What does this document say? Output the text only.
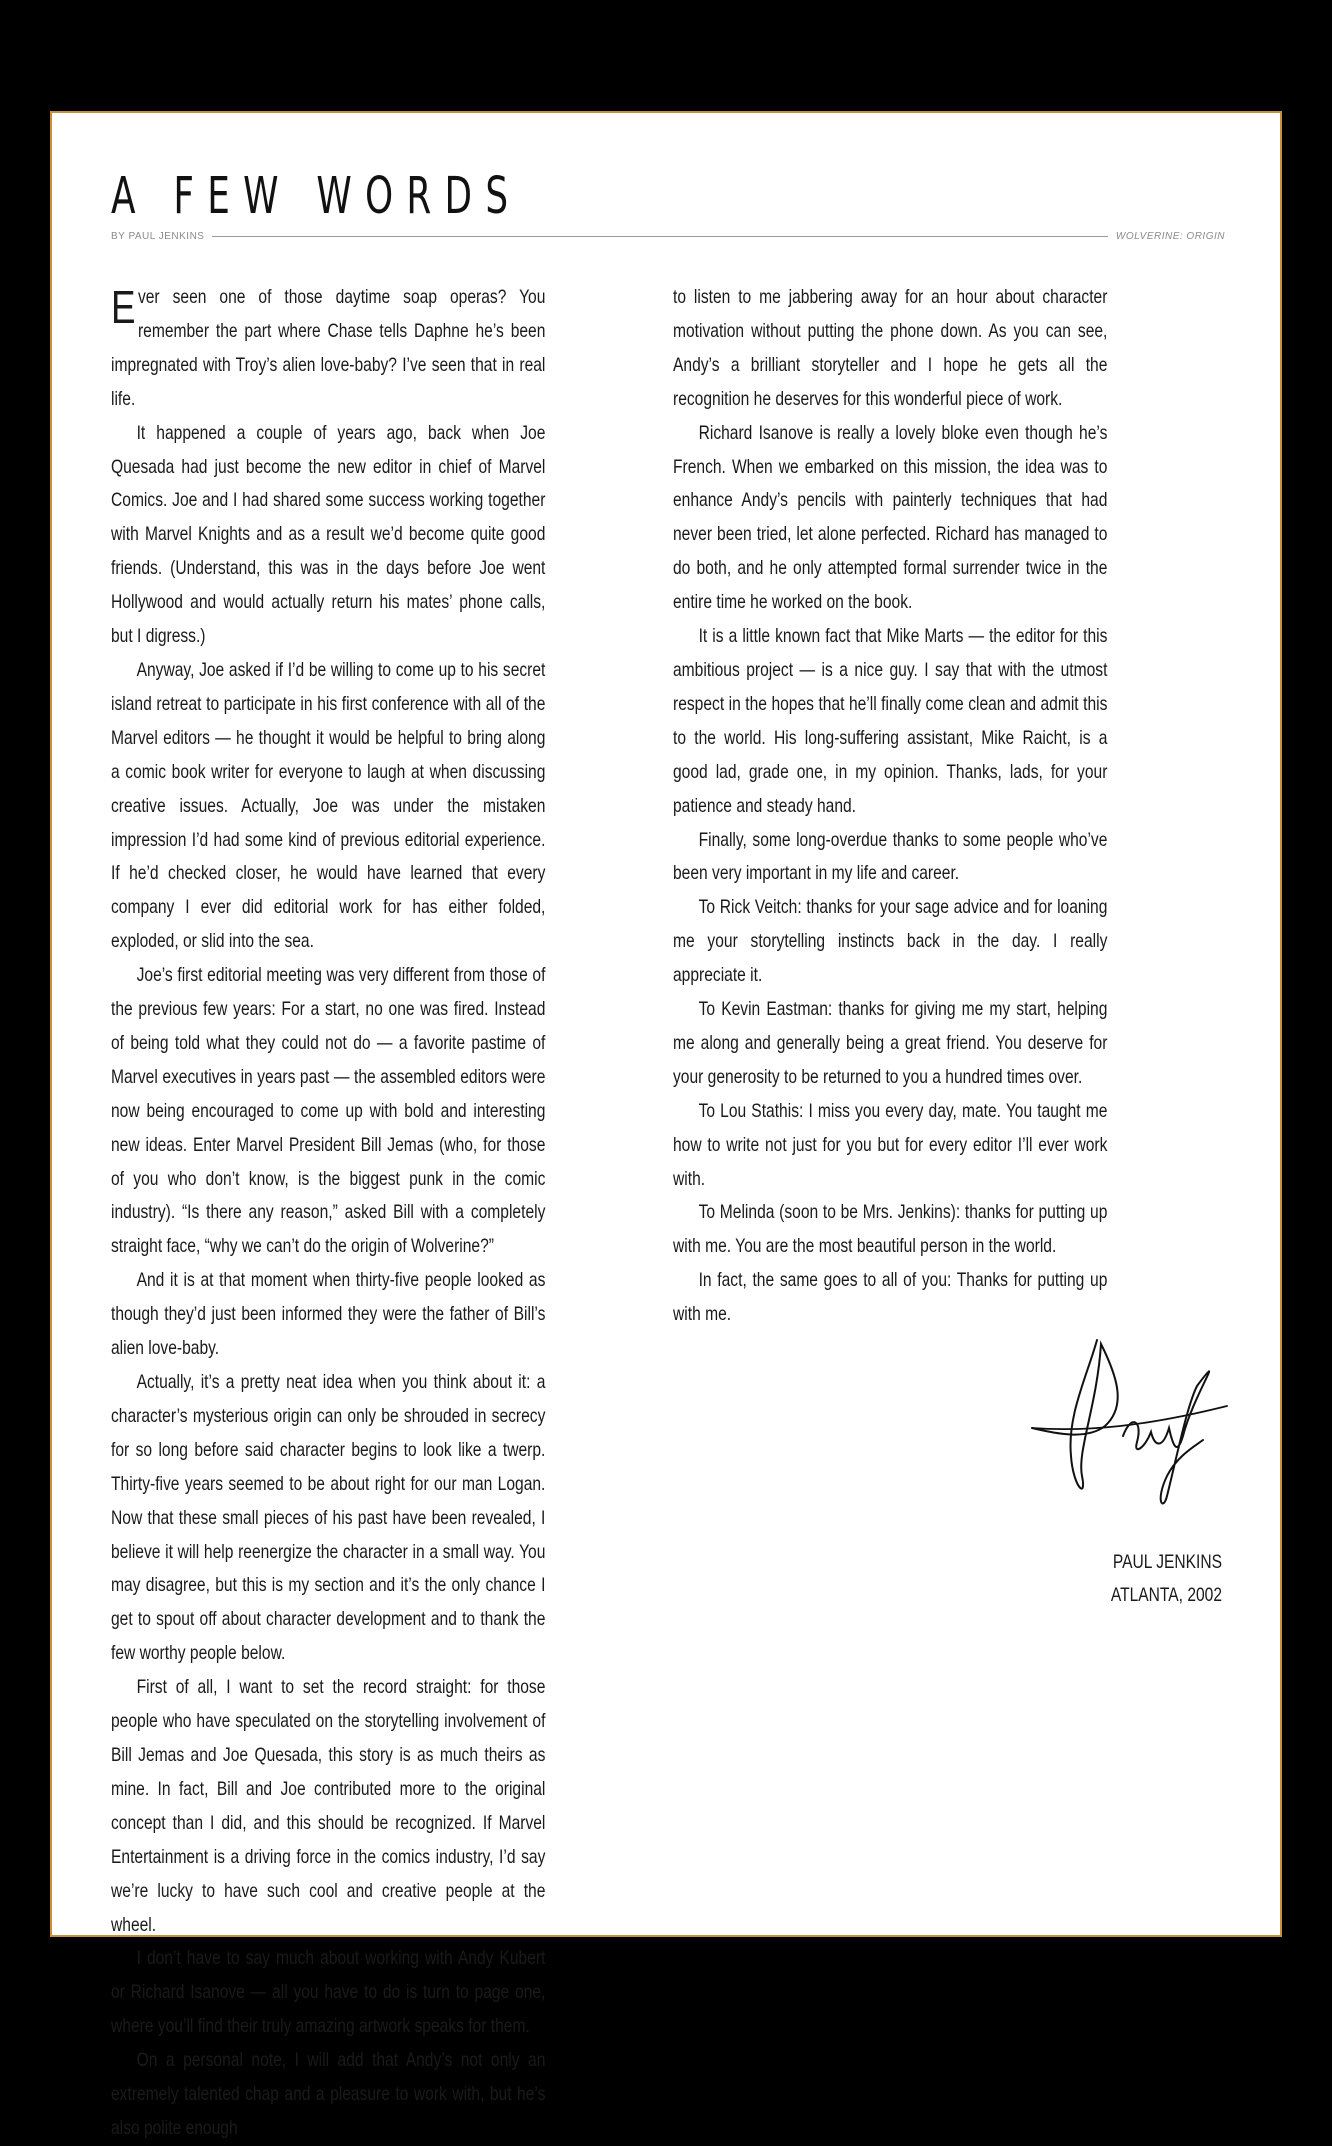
A FEW WORDS
BY PAUL JENKINS	WOLVERINE: ORIGIN

Ever seen one of those daytime soap operas? You remember the part where Chase tells Daphne he’s been impregnated with Troy’s alien love-baby? I’ve seen that in real life.

It happened a couple of years ago, back when Joe Quesada had just become the new editor in chief of Marvel Comics. Joe and I had shared some success working together with Marvel Knights and as a result we’d become quite good friends. (Understand, this was in the days before Joe went Hollywood and would actually return his mates’ phone calls, but I digress.)

Anyway, Joe asked if I’d be willing to come up to his secret island retreat to participate in his first conference with all of the Marvel editors — he thought it would be helpful to bring along a comic book writer for everyone to laugh at when discussing creative issues. Actually, Joe was under the mistaken impression I’d had some kind of previous editorial experience. If he’d checked closer, he would have learned that every company I ever did editorial work for has either folded, exploded, or slid into the sea.

Joe’s first editorial meeting was very different from those of the previous few years: For a start, no one was fired. Instead of being told what they could not do — a favorite pastime of Marvel executives in years past — the assembled editors were now being encouraged to come up with bold and interesting new ideas. Enter Marvel President Bill Jemas (who, for those of you who don’t know, is the biggest punk in the comic industry). “Is there any reason,” asked Bill with a completely straight face, “why we can’t do the origin of Wolverine?”

And it is at that moment when thirty-five people looked as though they’d just been informed they were the father of Bill’s alien love-baby.

Actually, it’s a pretty neat idea when you think about it: a character’s mysterious origin can only be shrouded in secrecy for so long before said character begins to look like a twerp. Thirty-five years seemed to be about right for our man Logan. Now that these small pieces of his past have been revealed, I believe it will help reenergize the character in a small way. You may disagree, but this is my section and it’s the only chance I get to spout off about character development and to thank the few worthy people below.

First of all, I want to set the record straight: for those people who have speculated on the storytelling involvement of Bill Jemas and Joe Quesada, this story is as much theirs as mine. In fact, Bill and Joe contributed more to the original concept than I did, and this should be recognized. If Marvel Entertainment is a driving force in the comics industry, I’d say we’re lucky to have such cool and creative people at the wheel.

I don’t have to say much about working with Andy Kubert or Richard Isanove — all you have to do is turn to page one, where you’ll find their truly amazing artwork speaks for them.

On a personal note, I will add that Andy’s not only an extremely talented chap and a pleasure to work with, but he’s also polite enough

to listen to me jabbering away for an hour about character motivation without putting the phone down. As you can see, Andy’s a brilliant storyteller and I hope he gets all the recognition he deserves for this wonderful piece of work.

Richard Isanove is really a lovely bloke even though he’s French. When we embarked on this mission, the idea was to enhance Andy’s pencils with painterly techniques that had never been tried, let alone perfected. Richard has managed to do both, and he only attempted formal surrender twice in the entire time he worked on the book.

It is a little known fact that Mike Marts — the editor for this ambitious project — is a nice guy. I say that with the utmost respect in the hopes that he’ll finally come clean and admit this to the world. His long-suffering assistant, Mike Raicht, is a good lad, grade one, in my opinion. Thanks, lads, for your patience and steady hand.

Finally, some long-overdue thanks to some people who’ve been very important in my life and career.

To Rick Veitch: thanks for your sage advice and for loaning me your storytelling instincts back in the day. I really appreciate it.

To Kevin Eastman: thanks for giving me my start, helping me along and generally being a great friend. You deserve for your generosity to be returned to you a hundred times over.

To Lou Stathis: I miss you every day, mate. You taught me how to write not just for you but for every editor I’ll ever work with.

To Melinda (soon to be Mrs. Jenkins): thanks for putting up with me. You are the most beautiful person in the world.

In fact, the same goes to all of you: Thanks for putting up with me.

PAUL JENKINS
ATLANTA, 2002
